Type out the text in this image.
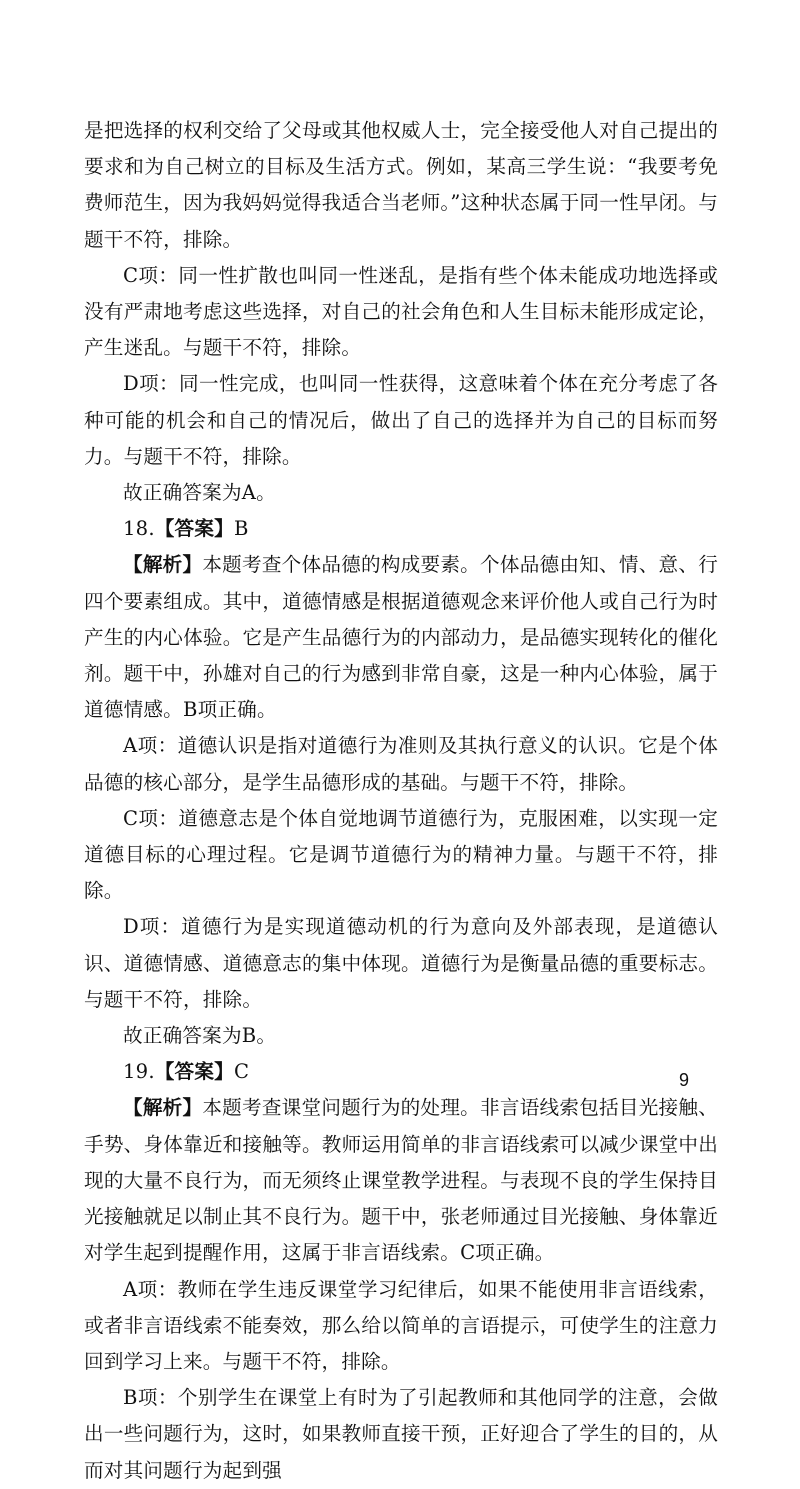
是把选择的权利交给了父母或其他权威人士，完全接受他人对自己提出的要求和为自己树立的目标及生活方式。例如，某高三学生说：“我要考免费师范生，因为我妈妈觉得我适合当老师。”这种状态属于同一性早闭。与题干不符，排除。

C项：同一性扩散也叫同一性迷乱，是指有些个体未能成功地选择或没有严肃地考虑这些选择，对自己的社会角色和人生目标未能形成定论，产生迷乱。与题干不符，排除。

D项：同一性完成，也叫同一性获得，这意味着个体在充分考虑了各种可能的机会和自己的情况后，做出了自己的选择并为自己的目标而努力。与题干不符，排除。

故正确答案为A。

18.【答案】B

【解析】本题考查个体品德的构成要素。个体品德由知、情、意、行四个要素组成。其中，道德情感是根据道德观念来评价他人或自己行为时产生的内心体验。它是产生品德行为的内部动力，是品德实现转化的催化剂。题干中，孙雄对自己的行为感到非常自豪，这是一种内心体验，属于道德情感。B项正确。

A项：道德认识是指对道德行为准则及其执行意义的认识。它是个体品德的核心部分，是学生品德形成的基础。与题干不符，排除。

C项：道德意志是个体自觉地调节道德行为，克服困难，以实现一定道德目标的心理过程。它是调节道德行为的精神力量。与题干不符，排除。

D项：道德行为是实现道德动机的行为意向及外部表现，是道德认识、道德情感、道德意志的集中体现。道德行为是衡量品德的重要标志。与题干不符，排除。

故正确答案为B。

19.【答案】C

【解析】本题考查课堂问题行为的处理。非言语线索包括目光接触、手势、身体靠近和接触等。教师运用简单的非言语线索可以减少课堂中出现的大量不良行为，而无须终止课堂教学进程。与表现不良的学生保持目光接触就足以制止其不良行为。题干中，张老师通过目光接触、身体靠近对学生起到提醒作用，这属于非言语线索。C项正确。

A项：教师在学生违反课堂学习纪律后，如果不能使用非言语线索，或者非言语线索不能奏效，那么给以简单的言语提示，可使学生的注意力回到学习上来。与题干不符，排除。

B项：个别学生在课堂上有时为了引起教师和其他同学的注意，会做出一些问题行为，这时，如果教师直接干预，正好迎合了学生的目的，从而对其问题行为起到强

9
